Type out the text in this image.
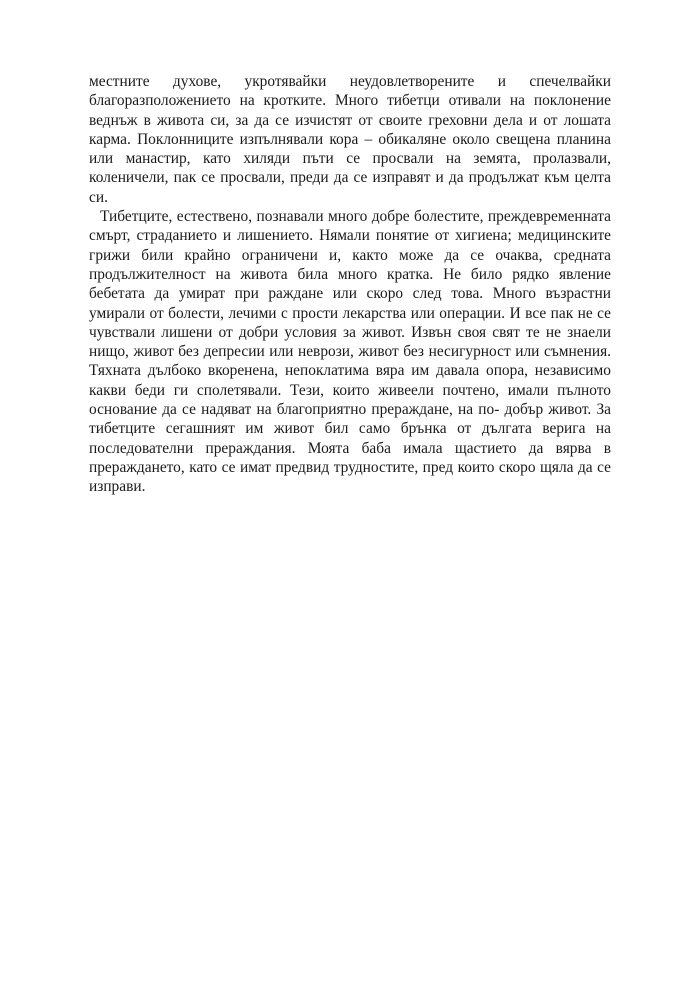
местните духове, укротявайки неудовлетворените и спечелвайки благоразположението на кротките. Много тибетци отивали на поклонение веднъж в живота си, за да се изчистят от своите греховни дела и от лошата карма. Поклонниците изпълнявали кора – обикаляне около свещена планина или манастир, като хиляди пъти се просвали на земята, пролазвали, коленичели, пак се просвали, преди да се изправят и да продължат към целта си.
Тибетците, естествено, познавали много добре болестите, преждевременната смърт, страданието и лишението. Нямали понятие от хигиена; медицинските грижи били крайно ограничени и, както може да се очаква, средната продължителност на живота била много кратка. Не било рядко явление бебетата да умират при раждане или скоро след това. Много възрастни умирали от болести, лечими с прости лекарства или операции. И все пак не се чувствали лишени от добри условия за живот. Извън своя свят те не знаели нищо, живот без депресии или неврози, живот без несигурност или съмнения. Тяхната дълбоко вкоренена, непоклатима вяра им давала опора, независимо какви беди ги сполетявали. Тези, които живеели почтено, имали пълното основание да се надяват на благоприятно прераждане, на по- добър живот. За тибетците сегашният им живот бил само брънка от дългата верига на последователни прераждания. Моята баба имала щастието да вярва в прераждането, като се имат предвид трудностите, пред които скоро щяла да се изправи.
